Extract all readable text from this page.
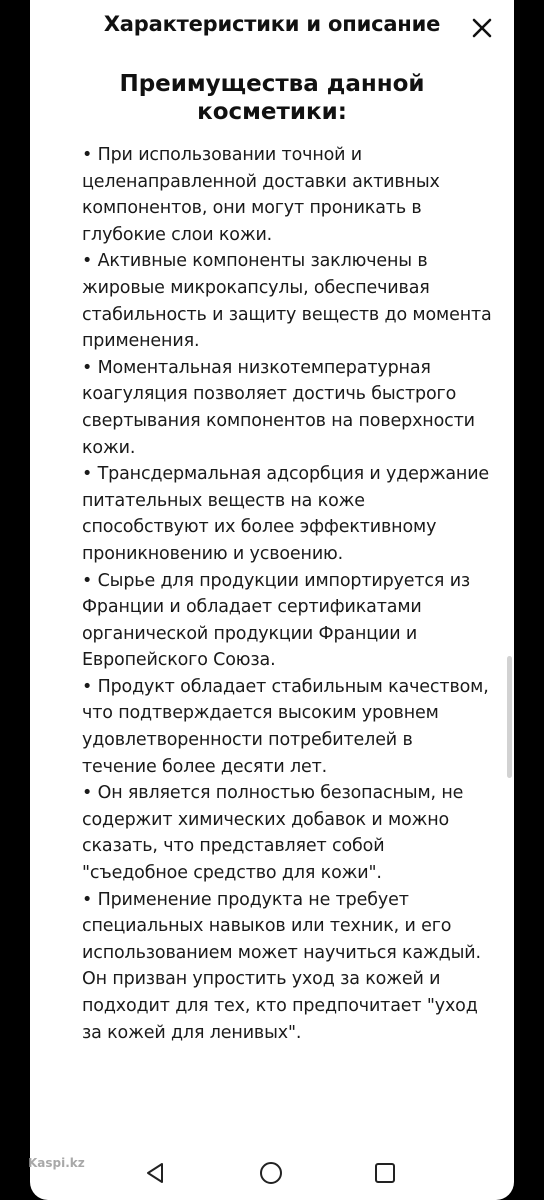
Характеристики и описание
Преимущества данной косметики:

• При использовании точной и целенаправленной доставки активных компонентов, они могут проникать в глубокие слои кожи.

• Активные компоненты заключены в жировые микрокапсулы, обеспечивая стабильность и защиту веществ до момента применения.

• Моментальная низкотемпературная коагуляция позволяет достичь быстрого свертывания компонентов на поверхности кожи.

• Трансдермальная адсорбция и удержание питательных веществ на коже способствуют их более эффективному проникновению и усвоению.

• Сырье для продукции импортируется из Франции и обладает сертификатами органической продукции Франции и Европейского Союза.

• Продукт обладает стабильным качеством, что подтверждается высоким уровнем удовлетворенности потребителей в течение более десяти лет.

• Он является полностью безопасным, не содержит химических добавок и можно сказать, что представляет собой "съедобное средство для кожи".

• Применение продукта не требует специальных навыков или техник, и его использованием может научиться каждый. Он призван упростить уход за кожей и подходит для тех, кто предпочитает "уход за кожей для ленивых".

Kaspi.kz
